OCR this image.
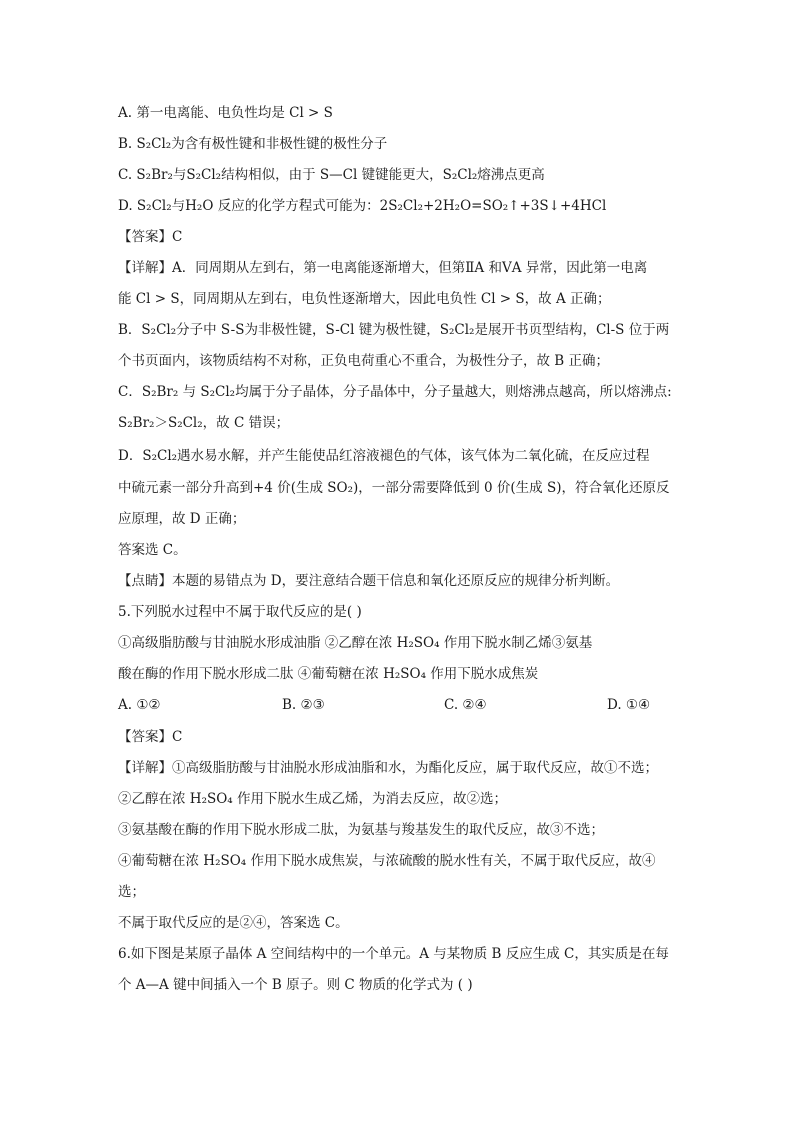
A. 第一电离能、电负性均是 Cl > S
B. S₂Cl₂为含有极性键和非极性键的极性分子
C. S₂Br₂与S₂Cl₂结构相似，由于 S—Cl 键键能更大，S₂Cl₂熔沸点更高
D. S₂Cl₂与H₂O 反应的化学方程式可能为：2S₂Cl₂+2H₂O=SO₂↑+3S↓+4HCl
【答案】C
【详解】A．同周期从左到右，第一电离能逐渐增大，但第ⅡA 和ⅤA 异常，因此第一电离
能 Cl > S，同周期从左到右，电负性逐渐增大，因此电负性 Cl > S，故 A 正确；
B．S₂Cl₂分子中 S-S为非极性键，S-Cl 键为极性键，S₂Cl₂是展开书页型结构，Cl-S 位于两
个书页面内，该物质结构不对称，正负电荷重心不重合，为极性分子，故 B 正确；
C．S₂Br₂ 与 S₂Cl₂均属于分子晶体，分子晶体中，分子量越大，则熔沸点越高，所以熔沸点:
S₂Br₂＞S₂Cl₂，故 C 错误；
D．S₂Cl₂遇水易水解，并产生能使品红溶液褪色的气体，该气体为二氧化硫，在反应过程
中硫元素一部分升高到+4 价(生成 SO₂)，一部分需要降低到 0 价(生成 S)，符合氧化还原反
应原理，故 D 正确；
答案选 C。
【点睛】本题的易错点为 D，要注意结合题干信息和氧化还原反应的规律分析判断。
5.下列脱水过程中不属于取代反应的是( )
①高级脂肪酸与甘油脱水形成油脂 ②乙醇在浓 H₂SO₄ 作用下脱水制乙烯③氨基
酸在酶的作用下脱水形成二肽 ④葡萄糖在浓 H₂SO₄ 作用下脱水成焦炭
A. ①②	B. ②③	C. ②④	D. ①④
【答案】C
【详解】①高级脂肪酸与甘油脱水形成油脂和水，为酯化反应，属于取代反应，故①不选；
②乙醇在浓 H₂SO₄ 作用下脱水生成乙烯，为消去反应，故②选；
③氨基酸在酶的作用下脱水形成二肽，为氨基与羧基发生的取代反应，故③不选；
④葡萄糖在浓 H₂SO₄ 作用下脱水成焦炭，与浓硫酸的脱水性有关，不属于取代反应，故④
选；
不属于取代反应的是②④，答案选 C。
6.如下图是某原子晶体 A 空间结构中的一个单元。A 与某物质 B 反应生成 C，其实质是在每
个 A—A 键中间插入一个 B 原子。则 C 物质的化学式为 ( )
